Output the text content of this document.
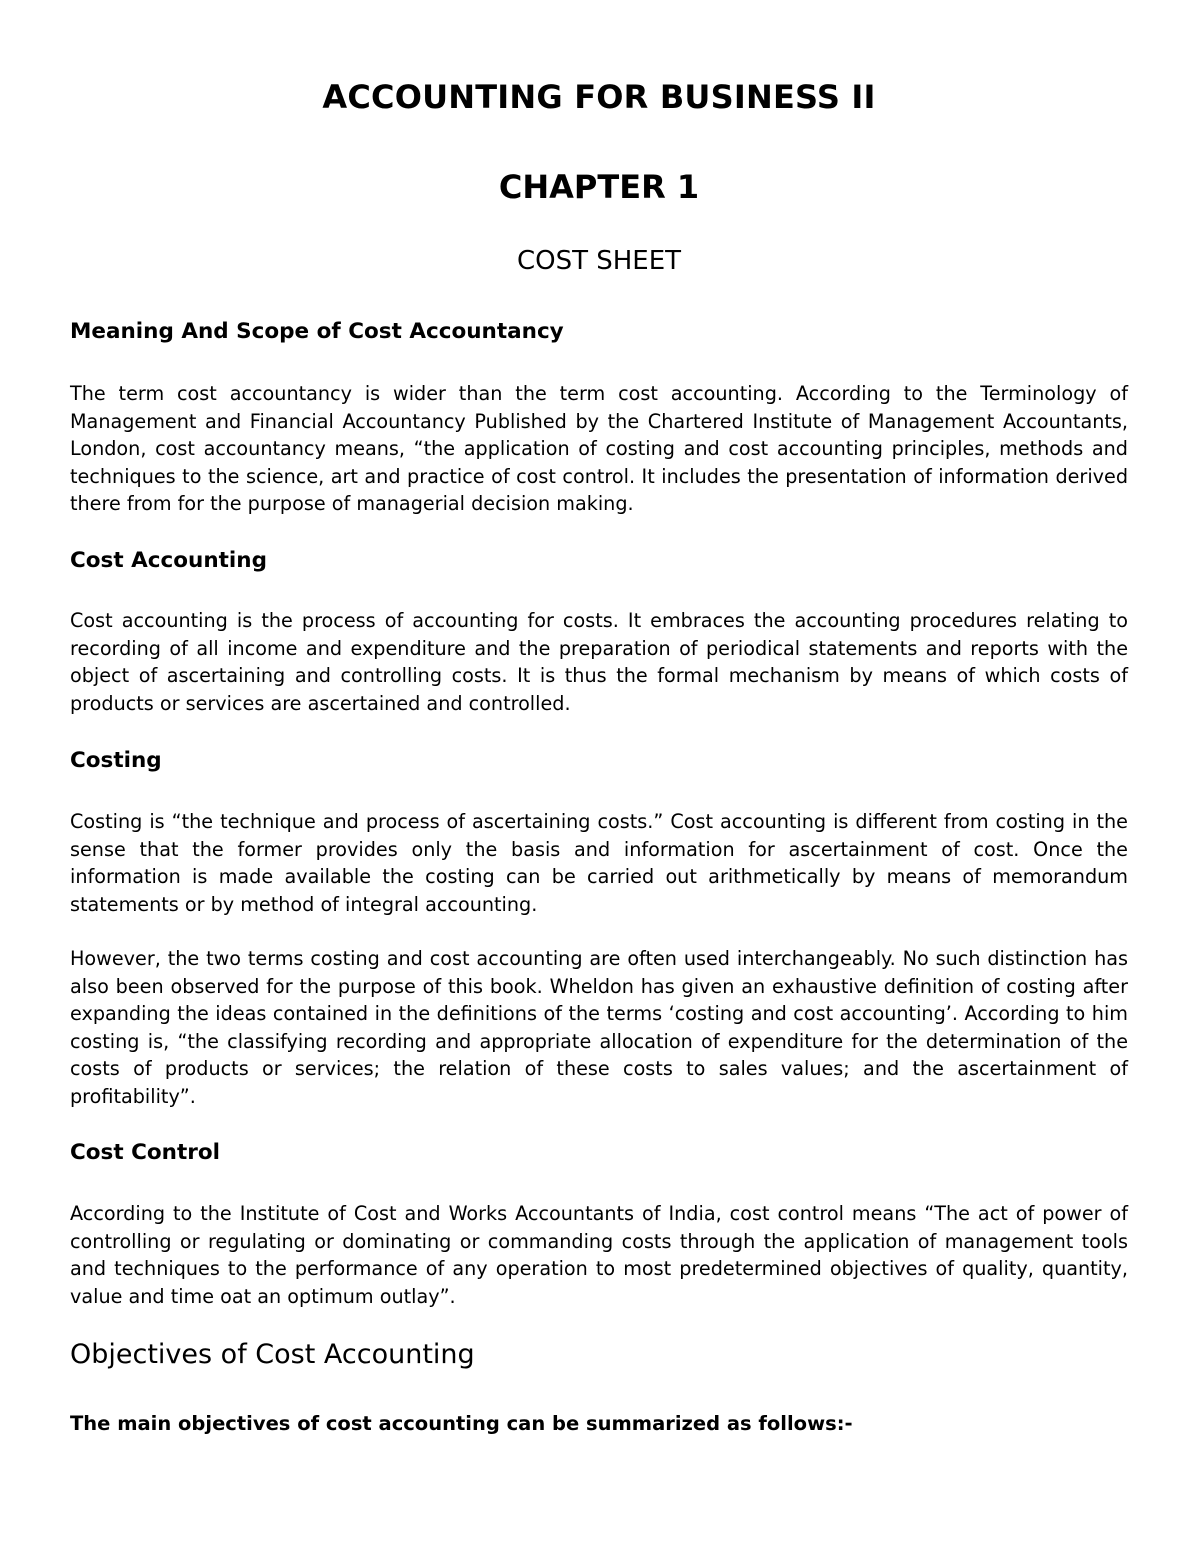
ACCOUNTING FOR BUSINESS II
CHAPTER 1
COST SHEET
Meaning And Scope of Cost Accountancy

The term cost accountancy is wider than the term cost accounting. According to the Terminology of Management and Financial Accountancy Published by the Chartered Institute of Management Accountants, London, cost accountancy means, “the application of costing and cost accounting principles, methods and techniques to the science, art and practice of cost control. It includes the presentation of information derived there from for the purpose of managerial decision making.

Cost Accounting

Cost accounting is the process of accounting for costs. It embraces the accounting procedures relating to recording of all income and expenditure and the preparation of periodical statements and reports with the object of ascertaining and controlling costs. It is thus the formal mechanism by means of which costs of products or services are ascertained and controlled.

Costing

Costing is “the technique and process of ascertaining costs.” Cost accounting is different from costing in the sense that the former provides only the basis and information for ascertainment of cost. Once the information is made available the costing can be carried out arithmetically by means of memorandum statements or by method of integral accounting.

However, the two terms costing and cost accounting are often used interchangeably. No such distinction has also been observed for the purpose of this book. Wheldon has given an exhaustive definition of costing after expanding the ideas contained in the definitions of the terms ‘costing and cost accounting’. According to him costing is, “the classifying recording and appropriate allocation of expenditure for the determination of the costs of products or services; the relation of these costs to sales values; and the ascertainment of profitability”.

Cost Control

According to the Institute of Cost and Works Accountants of India, cost control means “The act of power of controlling or regulating or dominating or commanding costs through the application of management tools and techniques to the performance of any operation to most predetermined objectives of quality, quantity, value and time oat an optimum outlay”.

Objectives of Cost Accounting

The main objectives of cost accounting can be summarized as follows:-
